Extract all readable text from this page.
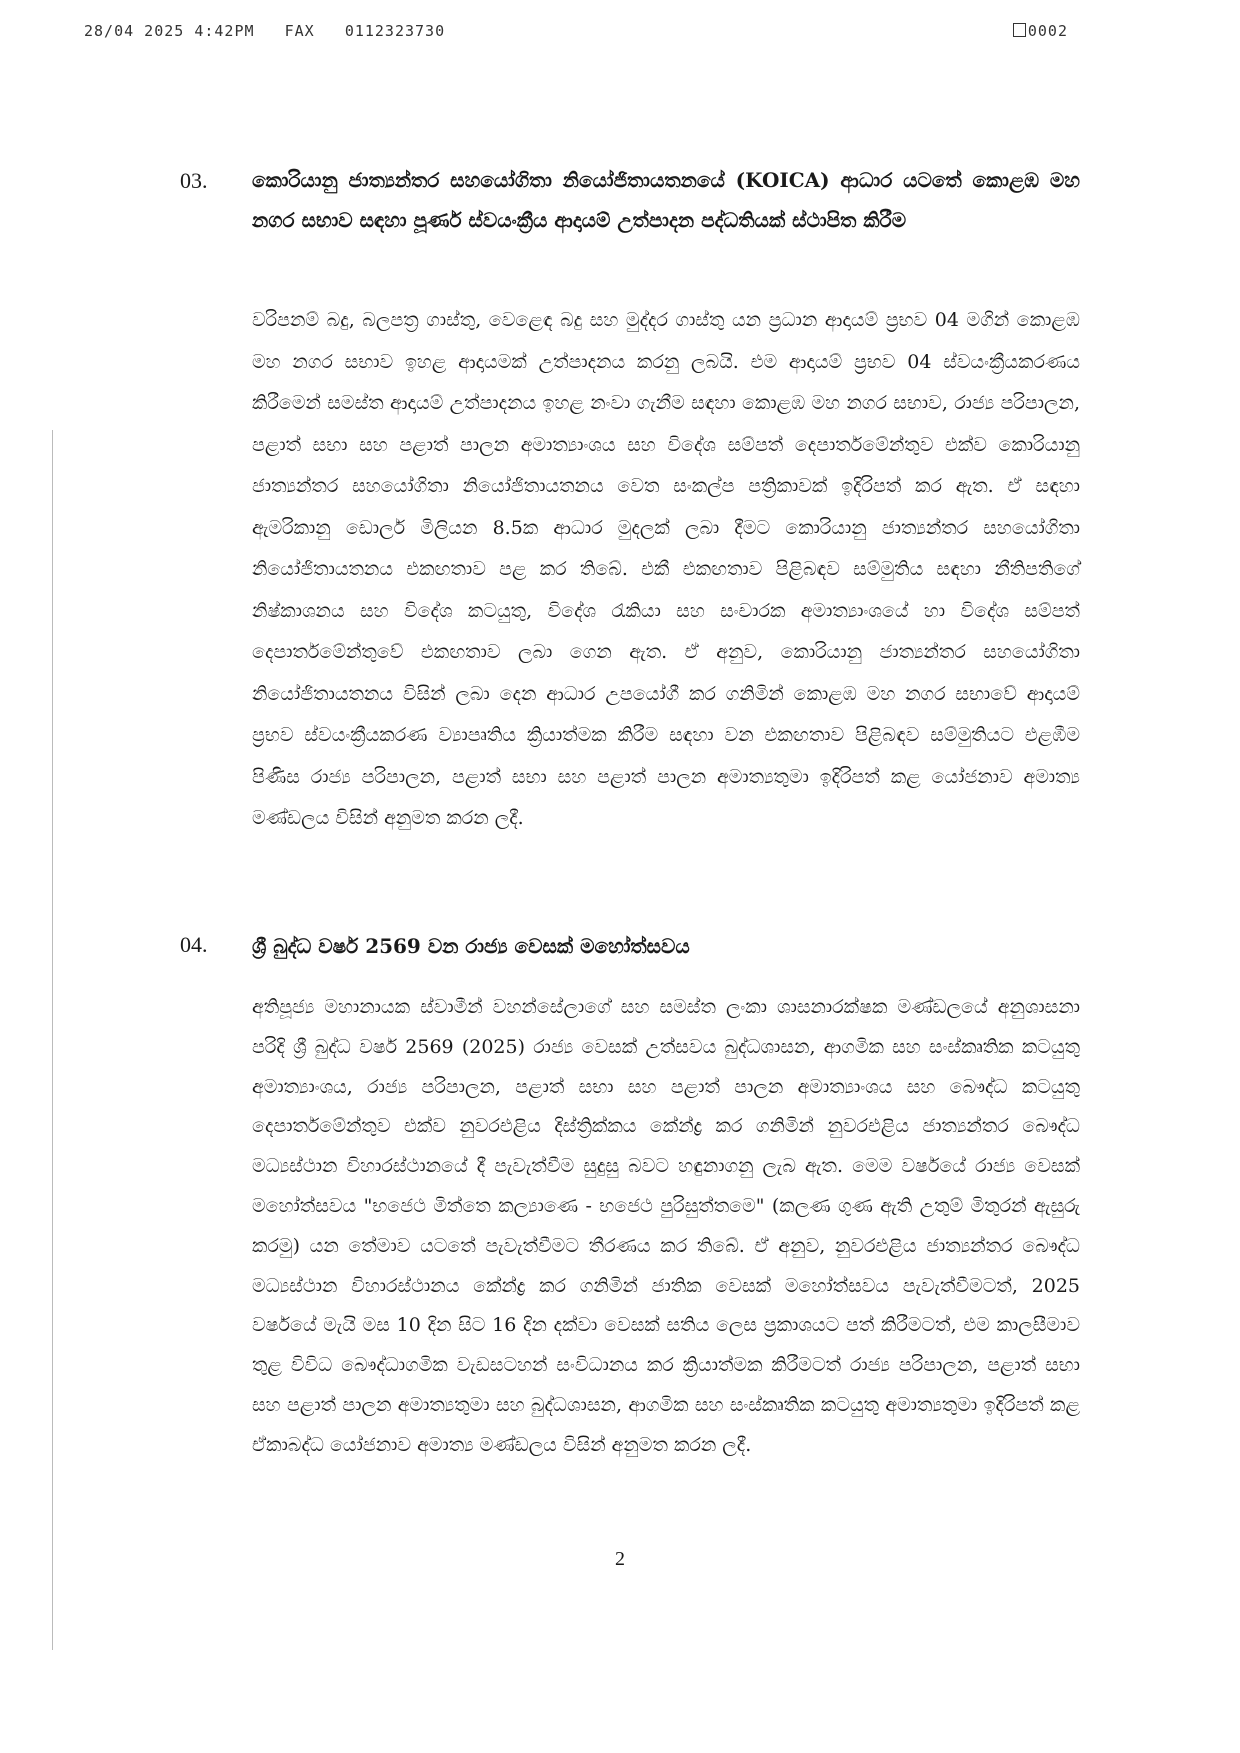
28/04 2025 4:42PM FAX 0112323730	0002
03. කොරියානු ජාත්‍යන්තර සහයෝගිතා නියෝජිතායතනයේ (KOICA) ආධාර යටතේ කොළඹ මහ නගර සභාව සඳහා පූර්ණ ස්වයංක්‍රීය ආදායම් උත්පාදන පද්ධතියක් ස්ථාපිත කිරීම
වරිපනම් බදු, බලපත්‍ර ගාස්තු, වෙළෙඳ බදු සහ මුද්දර ගාස්තු යන ප්‍රධාන ආදායම් ප්‍රභව 04 මගින් කොළඹ මහ නගර සභාව ඉහළ ආදායමක් උත්පාදනය කරනු ලබයි. එම ආදායම් ප්‍රභව 04 ස්වයංක්‍රීයකරණය කිරීමෙන් සමස්ත ආදායම් උත්පාදනය ඉහළ නංවා ගැනීම සඳහා කොළඹ මහ නගර සභාව, රාජ්‍ය පරිපාලන, පළාත් සභා සහ පළාත් පාලන අමාත්‍යාංශය සහ විදේශ සම්පත් දෙපාර්තමේන්තුව එක්ව කොරියානු ජාත්‍යන්තර සහයෝගිතා නියෝජිතායතනය වෙත සංකල්ප පත්‍රිකාවක් ඉදිරිපත් කර ඇත. ඒ සඳහා ඇමරිකානු ඩොලර් මිලියන 8.5ක ආධාර මුදලක් ලබා දීමට කොරියානු ජාත්‍යන්තර සහයෝගිතා නියෝජිතායතනය එකඟතාව පළ කර තිබේ. එකී එකඟතාව පිළිබඳව සම්මුතිය සඳහා නීතිපතිගේ නිෂ්කාශනය සහ විදේශ කටයුතු, විදේශ රැකියා සහ සංචාරක අමාත්‍යාංශයේ හා විදේශ සම්පත් දෙපාර්තමේන්තුවේ එකඟතාව ලබා ගෙන ඇත. ඒ අනුව, කොරියානු ජාත්‍යන්තර සහයෝගිතා නියෝජිතායතනය විසින් ලබා දෙන ආධාර උපයෝගී කර ගනිමින් කොළඹ මහ නගර සභාවේ ආදායම් ප්‍රභව ස්වයංක්‍රීයකරණ ව්‍යාපෘතිය ක්‍රියාත්මක කිරීම සඳහා වන එකඟතාව පිළිබඳව සම්මුතියට එළඹීම පිණිස රාජ්‍ය පරිපාලන, පළාත් සභා සහ පළාත් පාලන අමාත්‍යතුමා ඉදිරිපත් කළ යෝජනාව අමාත්‍ය මණ්ඩලය විසින් අනුමත කරන ලදී.
04. ශ්‍රී බුද්ධ වර්ෂ 2569 වන රාජ්‍ය වෙසක් මහෝත්සවය
අතිපූජ්‍ය මහානායක ස්වාමීන් වහන්සේලාගේ සහ සමස්ත ලංකා ශාසනාරක්ෂක මණ්ඩලයේ අනුශාසනා පරිදි ශ්‍රී බුද්ධ වර්ෂ 2569 (2025) රාජ්‍ය වෙසක් උත්සවය බුද්ධශාසන, ආගමික සහ සංස්කෘතික කටයුතු අමාත්‍යාංශය, රාජ්‍ය පරිපාලන, පළාත් සභා සහ පළාත් පාලන අමාත්‍යාංශය සහ බෞද්ධ කටයුතු දෙපාර්තමේන්තුව එක්ව නුවරඑළිය දිස්ත්‍රික්කය කේන්ද්‍ර කර ගනිමින් නුවරඑළිය ජාත්‍යන්තර බෞද්ධ මධ්‍යස්ථාන විහාරස්ථානයේ දී පැවැත්වීම සුදුසු බවට හඳුනාගනු ලැබ ඇත. මෙම වර්ෂයේ රාජ්‍ය වෙසක් මහෝත්සවය "භජෙථ මිත්තෙ කල්‍යාණෙ - භජෙථ පුරිසුත්තමෙ" (කලණ ගුණ ඇති උතුම් මිතුරන් ඇසුරු කරමු) යන තේමාව යටතේ පැවැත්වීමට තීරණය කර තිබේ. ඒ අනුව, නුවරඑළිය ජාත්‍යන්තර බෞද්ධ මධ්‍යස්ථාන විහාරස්ථානය කේන්ද්‍ර කර ගනිමින් ජාතික වෙසක් මහෝත්සවය පැවැත්වීමටත්, 2025 වර්ෂයේ මැයි මස 10 දින සිට 16 දින දක්වා වෙසක් සතිය ලෙස ප්‍රකාශයට පත් කිරීමටත්, එම කාලසීමාව තුළ විවිධ බෞද්ධාගමික වැඩසටහන් සංවිධානය කර ක්‍රියාත්මක කිරීමටත් රාජ්‍ය පරිපාලන, පළාත් සභා සහ පළාත් පාලන අමාත්‍යතුමා සහ බුද්ධශාසන, ආගමික සහ සංස්කෘතික කටයුතු අමාත්‍යතුමා ඉදිරිපත් කළ ඒකාබද්ධ යෝජනාව අමාත්‍ය මණ්ඩලය විසින් අනුමත කරන ලදී.
2
